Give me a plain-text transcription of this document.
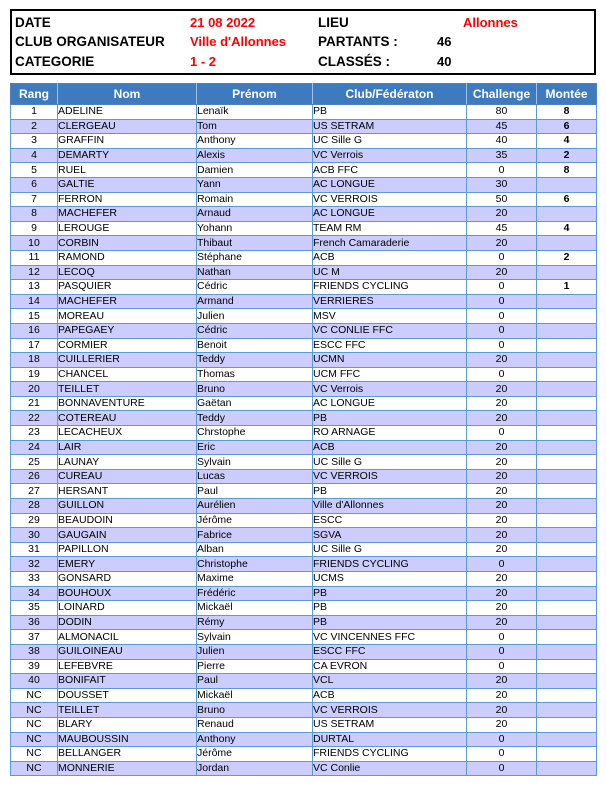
DATE	21 08 2022	LIEU	Allonnes
CLUB ORGANISATEUR	Ville d'Allonnes	PARTANTS :	46
CATEGORIE	1 - 2	CLASSÉS :	40
Rang	Nom	Prénom	Club/Fédératon	Challenge	Montée
1	ADELINE	Lenaïk	PB	80	8
2	CLERGEAU	Tom	US SETRAM	45	6
3	GRAFFIN	Anthony	UC Sille G	40	4
4	DEMARTY	Alexis	VC Verrois	35	2
5	RUEL	Damien	ACB FFC	0	8
6	GALTIE	Yann	AC LONGUE	30	
7	FERRON	Romain	VC VERROIS	50	6
8	MACHEFER	Arnaud	AC LONGUE	20	
9	LEROUGE	Yohann	TEAM RM	45	4
10	CORBIN	Thibaut	French Camaraderie	20	
11	RAMOND	Stéphane	ACB	0	2
12	LECOQ	Nathan	UC M	20	
13	PASQUIER	Cédric	FRIENDS CYCLING	0	1
14	MACHEFER	Armand	VERRIERES	0	
15	MOREAU	Julien	MSV	0	
16	PAPEGAEY	Cédric	VC CONLIE FFC	0	
17	CORMIER	Benoit	ESCC FFC	0	
18	CUILLERIER	Teddy	UCMN	20	
19	CHANCEL	Thomas	UCM FFC	0	
20	TEILLET	Bruno	VC Verrois	20	
21	BONNAVENTURE	Gaëtan	AC LONGUE	20	
22	COTEREAU	Teddy	PB	20	
23	LECACHEUX	Chrstophe	RO ARNAGE	0	
24	LAIR	Eric	ACB	20	
25	LAUNAY	Sylvain	UC Sille G	20	
26	CUREAU	Lucas	VC VERROIS	20	
27	HERSANT	Paul	PB	20	
28	GUILLON	Aurélien	Ville d'Allonnes	20	
29	BEAUDOIN	Jérôme	ESCC	20	
30	GAUGAIN	Fabrice	SGVA	20	
31	PAPILLON	Alban	UC Sille G	20	
32	EMERY	Christophe	FRIENDS CYCLING	0	
33	GONSARD	Maxime	UCMS	20	
34	BOUHOUX	Frédéric	PB	20	
35	LOINARD	Mickaël	PB	20	
36	DODIN	Rémy	PB	20	
37	ALMONACIL	Sylvain	VC VINCENNES FFC	0	
38	GUILOINEAU	Julien	ESCC FFC	0	
39	LEFEBVRE	Pierre	CA EVRON	0	
40	BONIFAIT	Paul	VCL	20	
NC	DOUSSET	Mickaël	ACB	20	
NC	TEILLET	Bruno	VC VERROIS	20	
NC	BLARY	Renaud	US SETRAM	20	
NC	MAUBOUSSIN	Anthony	DURTAL	0	
NC	BELLANGER	Jérôme	FRIENDS CYCLING	0	
NC	MONNERIE	Jordan	VC Conlie	0	
